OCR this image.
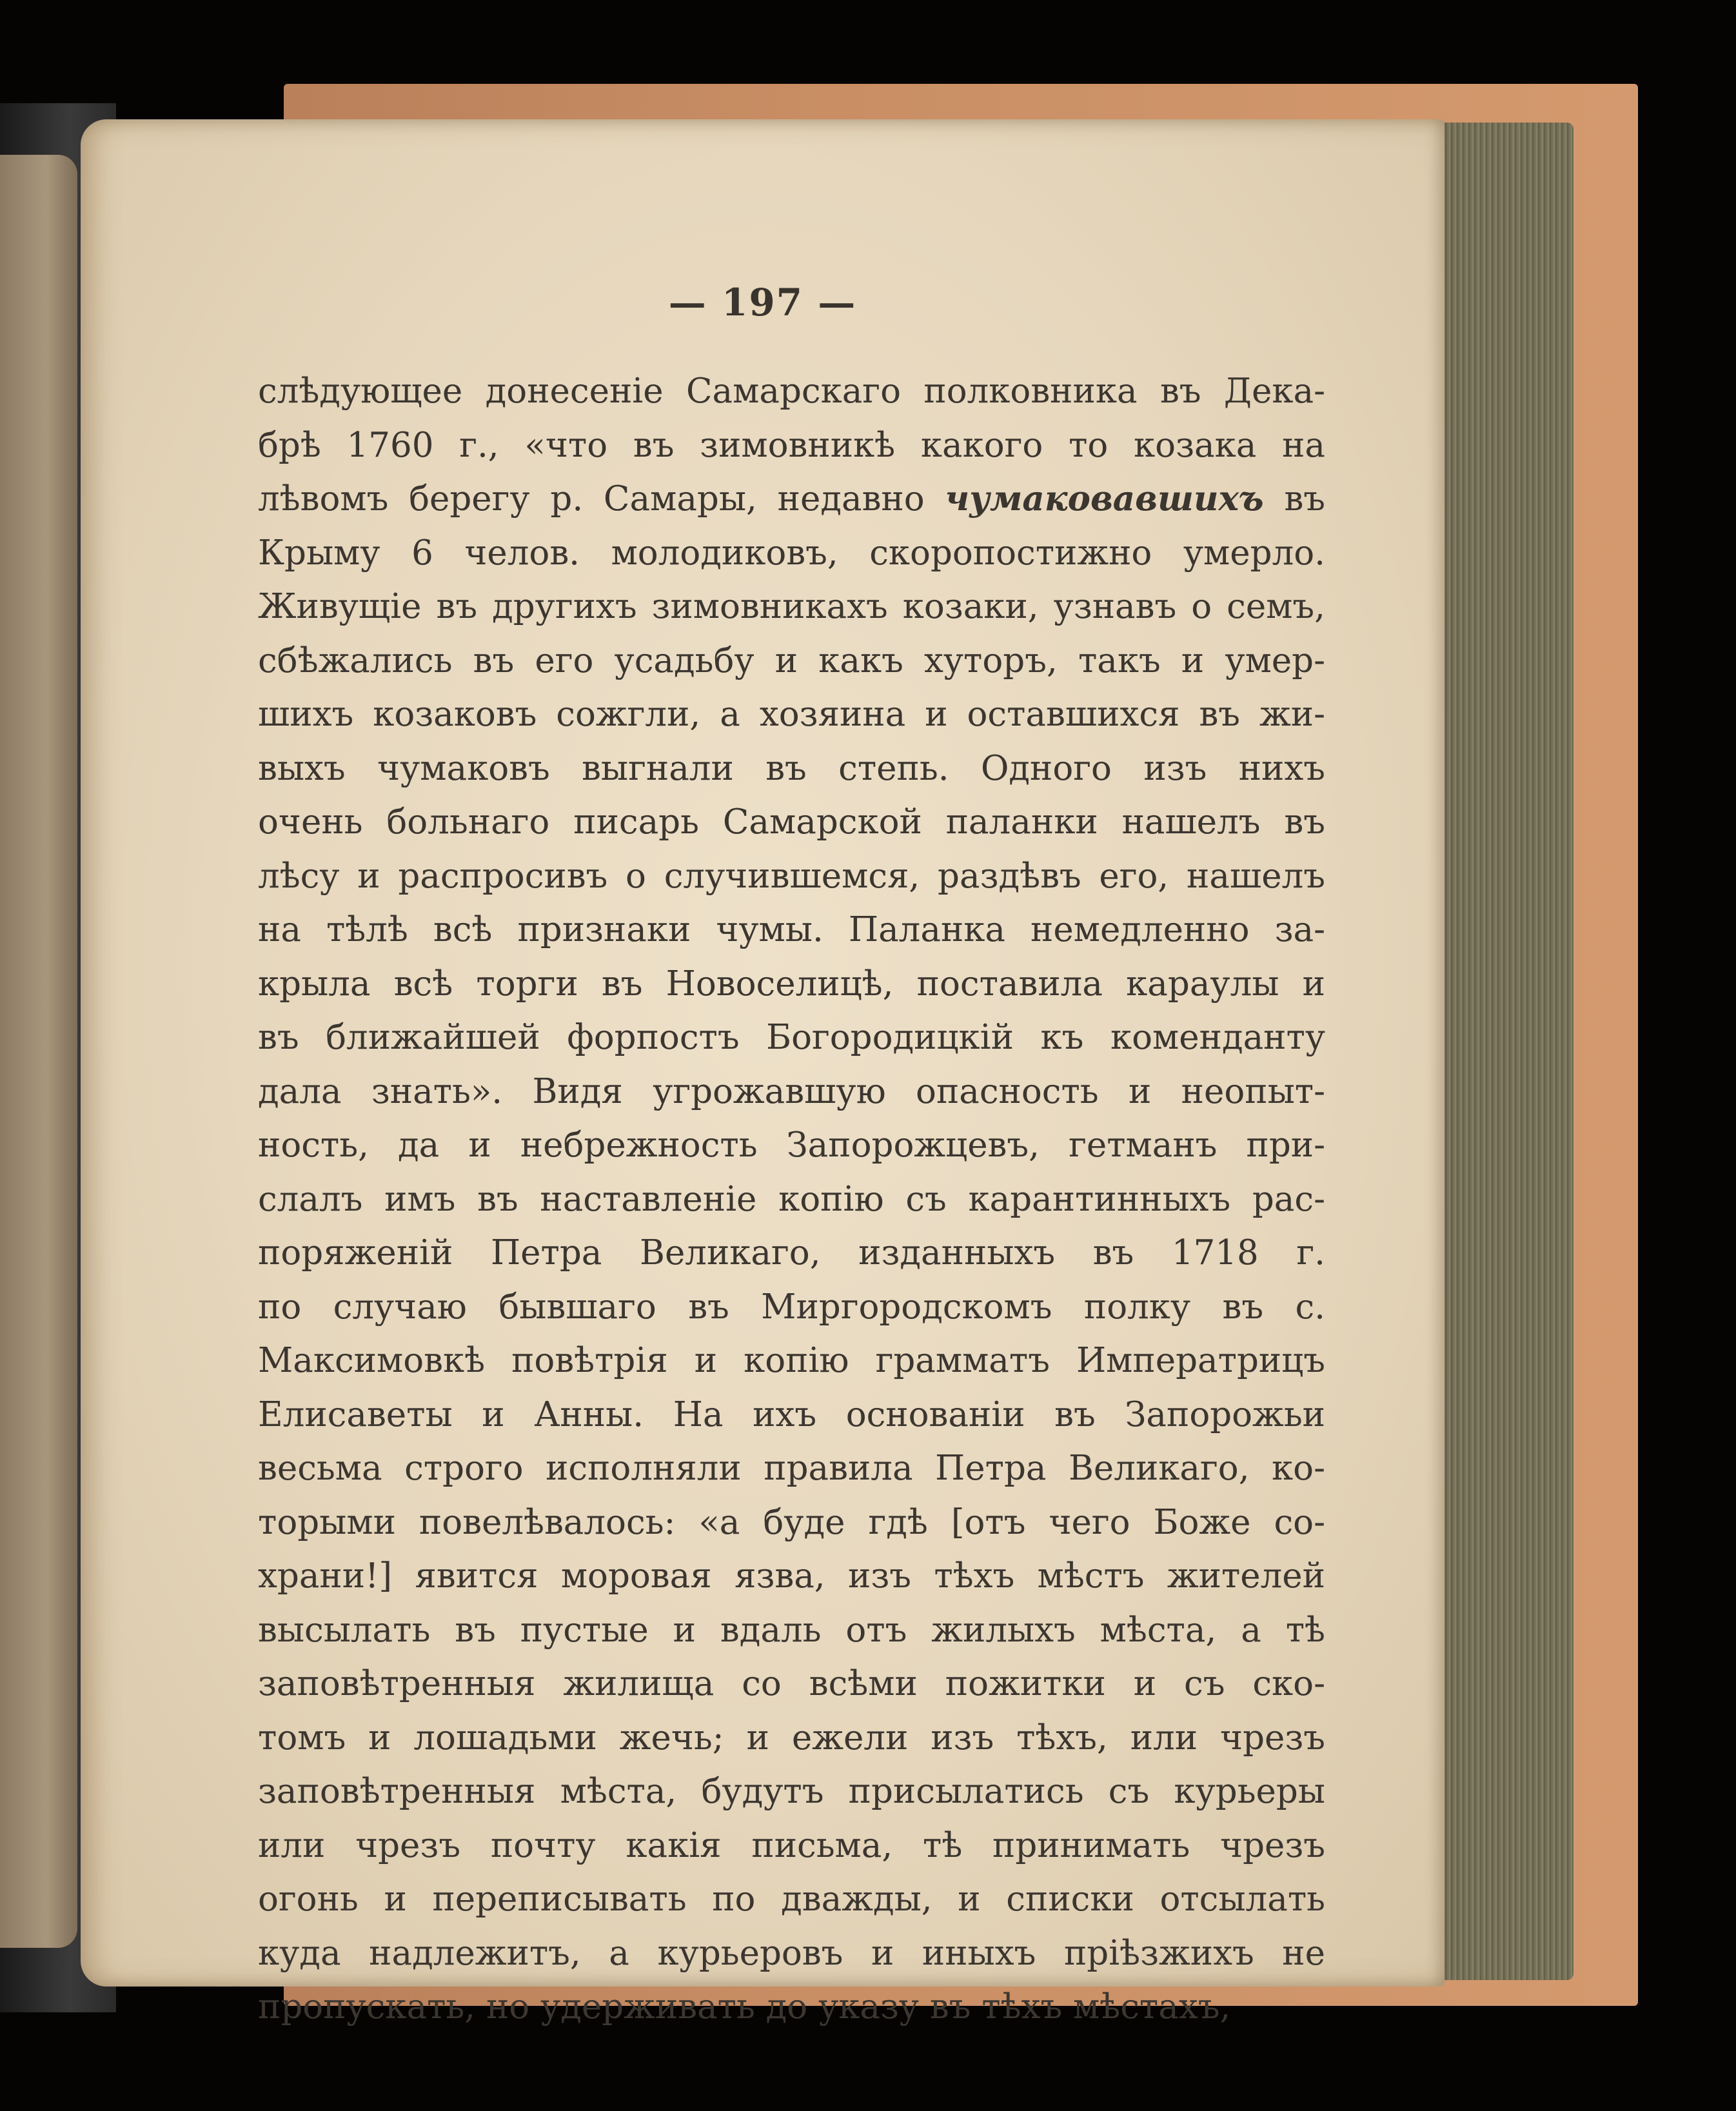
— 197 —

слѣдующее донесеніе Самарскаго полковника въ Дека-
брѣ 1760 г., «что въ зимовникѣ какого то козака на
лѣвомъ берегу р. Самары, недавно чумаковавшихъ въ
Крыму 6 челов. молодиковъ, скоропостижно умерло.
Живущіе въ другихъ зимовникахъ козаки, узнавъ о семъ,
сбѣжались въ его усадьбу и какъ хуторъ, такъ и умер-
шихъ козаковъ сожгли, а хозяина и оставшихся въ жи-
выхъ чумаковъ выгнали въ степь. Одного изъ нихъ
очень больнаго писарь Самарской паланки нашелъ въ
лѣсу и распросивъ о случившемся, раздѣвъ его, нашелъ
на тѣлѣ всѣ признаки чумы. Паланка немедленно за-
крыла всѣ торги въ Новоселицѣ, поставила караулы и
въ ближайшей форпостъ Богородицкій къ коменданту
дала знать». Видя угрожавшую опасность и неопыт-
ность, да и небрежность Запорожцевъ, гетманъ при-
слалъ имъ въ наставленіе копію съ карантинныхъ рас-
поряженій Петра Великаго, изданныхъ въ 1718 г.
по случаю бывшаго въ Миргородскомъ полку въ с.
Максимовкѣ повѣтрія и копію грамматъ Императрицъ
Елисаветы и Анны. На ихъ основаніи въ Запорожьи
весьма строго исполняли правила Петра Великаго, ко-
торыми повелѣвалось: «а буде гдѣ [отъ чего Боже со-
храни!] явится моровая язва, изъ тѣхъ мѣстъ жителей
высылать въ пустые и вдаль отъ жилыхъ мѣста, а тѣ
заповѣтренныя жилища со всѣми пожитки и съ ско-
томъ и лошадьми жечь; и ежели изъ тѣхъ, или чрезъ
заповѣтренныя мѣста, будутъ присылатись съ курьеры
или чрезъ почту какія письма, тѣ принимать чрезъ
огонь и переписывать по дважды, и списки отсылать
куда надлежитъ, а курьеровъ и иныхъ пріѣзжихъ не
пропускать, но удерживать до указу въ тѣхъ мѣстахъ,
